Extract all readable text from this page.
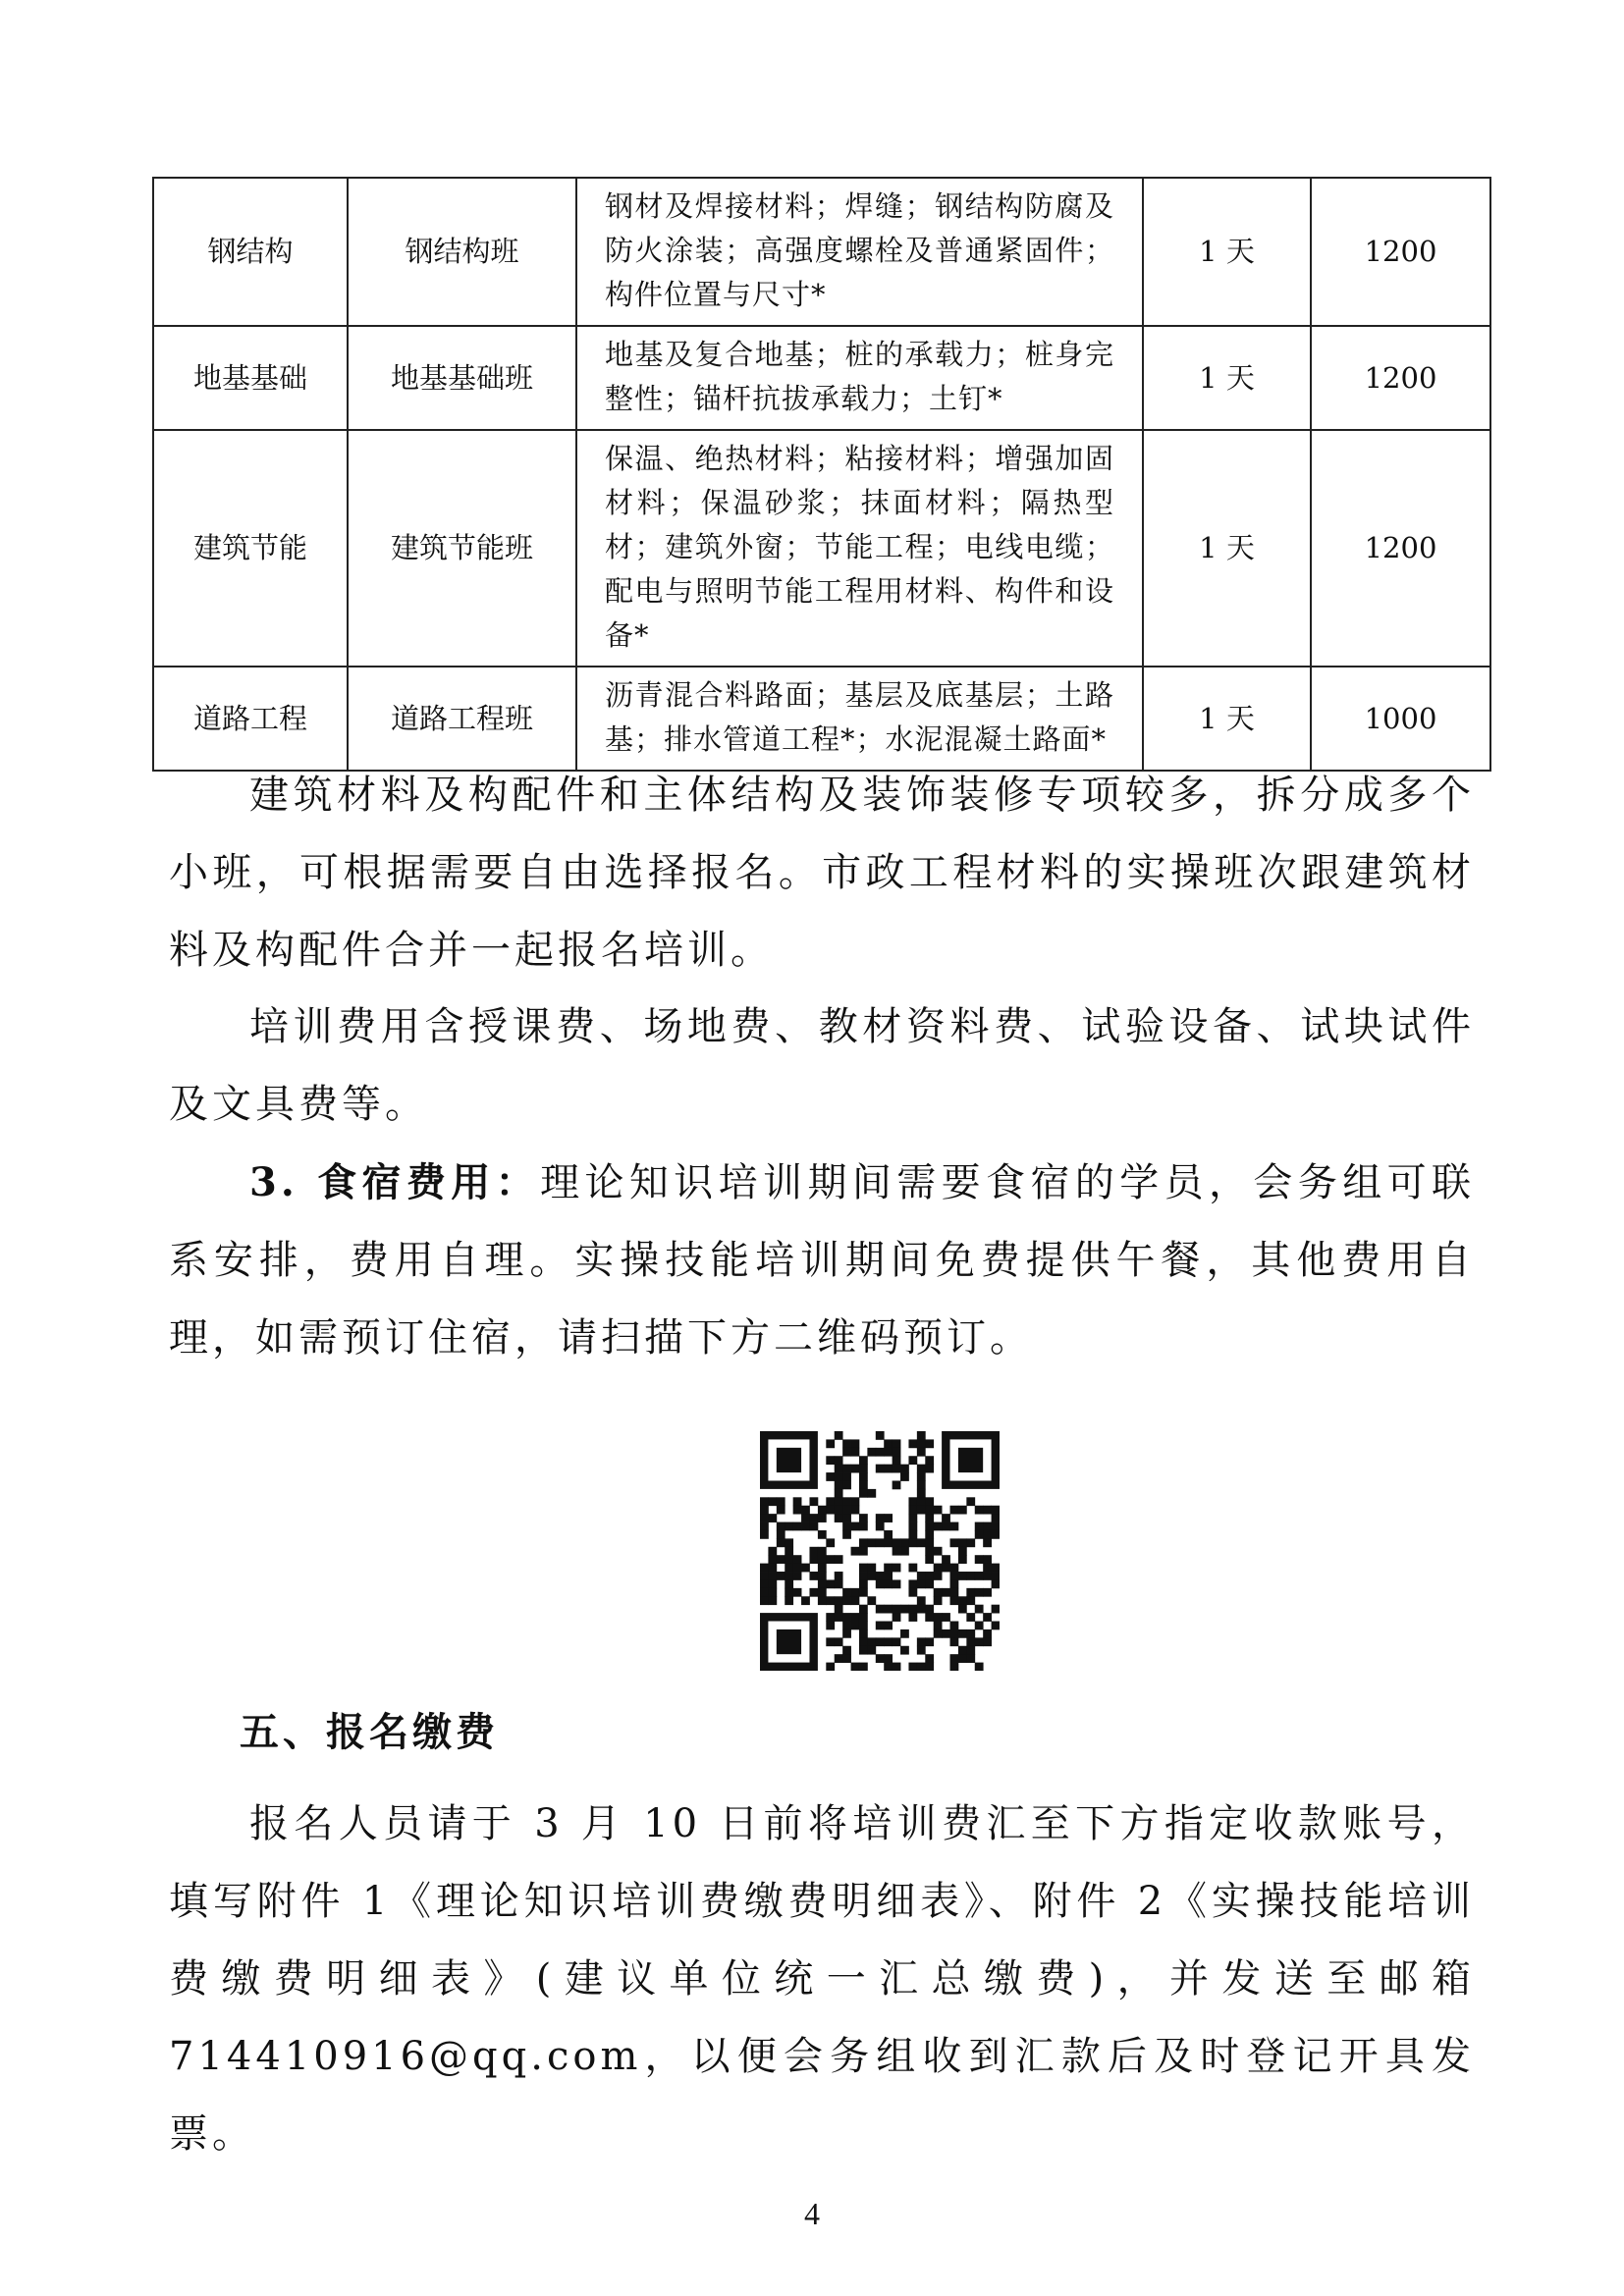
钢结构	钢结构班	钢材及焊接材料；焊缝；钢结构防腐及防火涂装；高强度螺栓及普通紧固件；构件位置与尺寸*	1 天	1200
地基基础	地基基础班	地基及复合地基；桩的承载力；桩身完整性；锚杆抗拔承载力；土钉*	1 天	1200
建筑节能	建筑节能班	保温、绝热材料；粘接材料；增强加固材料；保温砂浆；抹面材料；隔热型材；建筑外窗；节能工程；电线电缆；配电与照明节能工程用材料、构件和设备*	1 天	1200
道路工程	道路工程班	沥青混合料路面；基层及底基层；土路基；排水管道工程*；水泥混凝土路面*	1 天	1000

建筑材料及构配件和主体结构及装饰装修专项较多，拆分成多个小班，可根据需要自由选择报名。市政工程材料的实操班次跟建筑材料及构配件合并一起报名培训。

培训费用含授课费、场地费、教材资料费、试验设备、试块试件及文具费等。

3. 食宿费用：理论知识培训期间需要食宿的学员，会务组可联系安排，费用自理。实操技能培训期间免费提供午餐，其他费用自理，如需预订住宿，请扫描下方二维码预订。

五、报名缴费

报名人员请于 3 月 10 日前将培训费汇至下方指定收款账号，填写附件 1《理论知识培训费缴费明细表》、附件 2《实操技能培训费缴费明细表》(建议单位统一汇总缴费)，并发送至邮箱 714410916@qq.com，以便会务组收到汇款后及时登记开具发票。

4
